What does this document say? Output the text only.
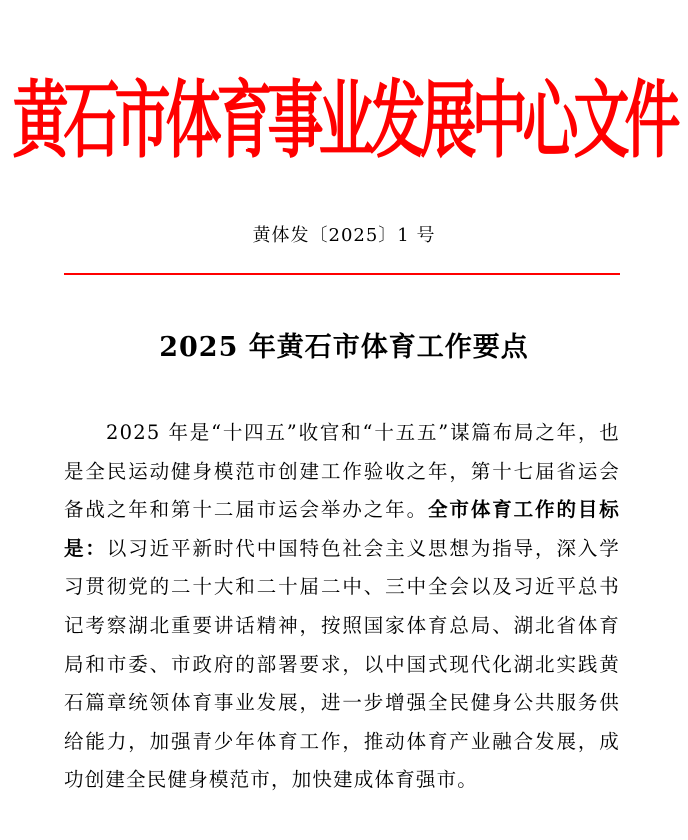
黄石市体育事业发展中心文件
黄体发〔2025〕1 号
2025 年黄石市体育工作要点
2025 年是“十四五”收官和“十五五”谋篇布局之年，也是全民运动健身模范市创建工作验收之年，第十七届省运会备战之年和第十二届市运会举办之年。全市体育工作的目标是：以习近平新时代中国特色社会主义思想为指导，深入学习贯彻党的二十大和二十届二中、三中全会以及习近平总书记考察湖北重要讲话精神，按照国家体育总局、湖北省体育局和市委、市政府的部署要求，以中国式现代化湖北实践黄石篇章统领体育事业发展，进一步增强全民健身公共服务供给能力，加强青少年体育工作，推动体育产业融合发展，成功创建全民健身模范市，加快建成体育强市。
